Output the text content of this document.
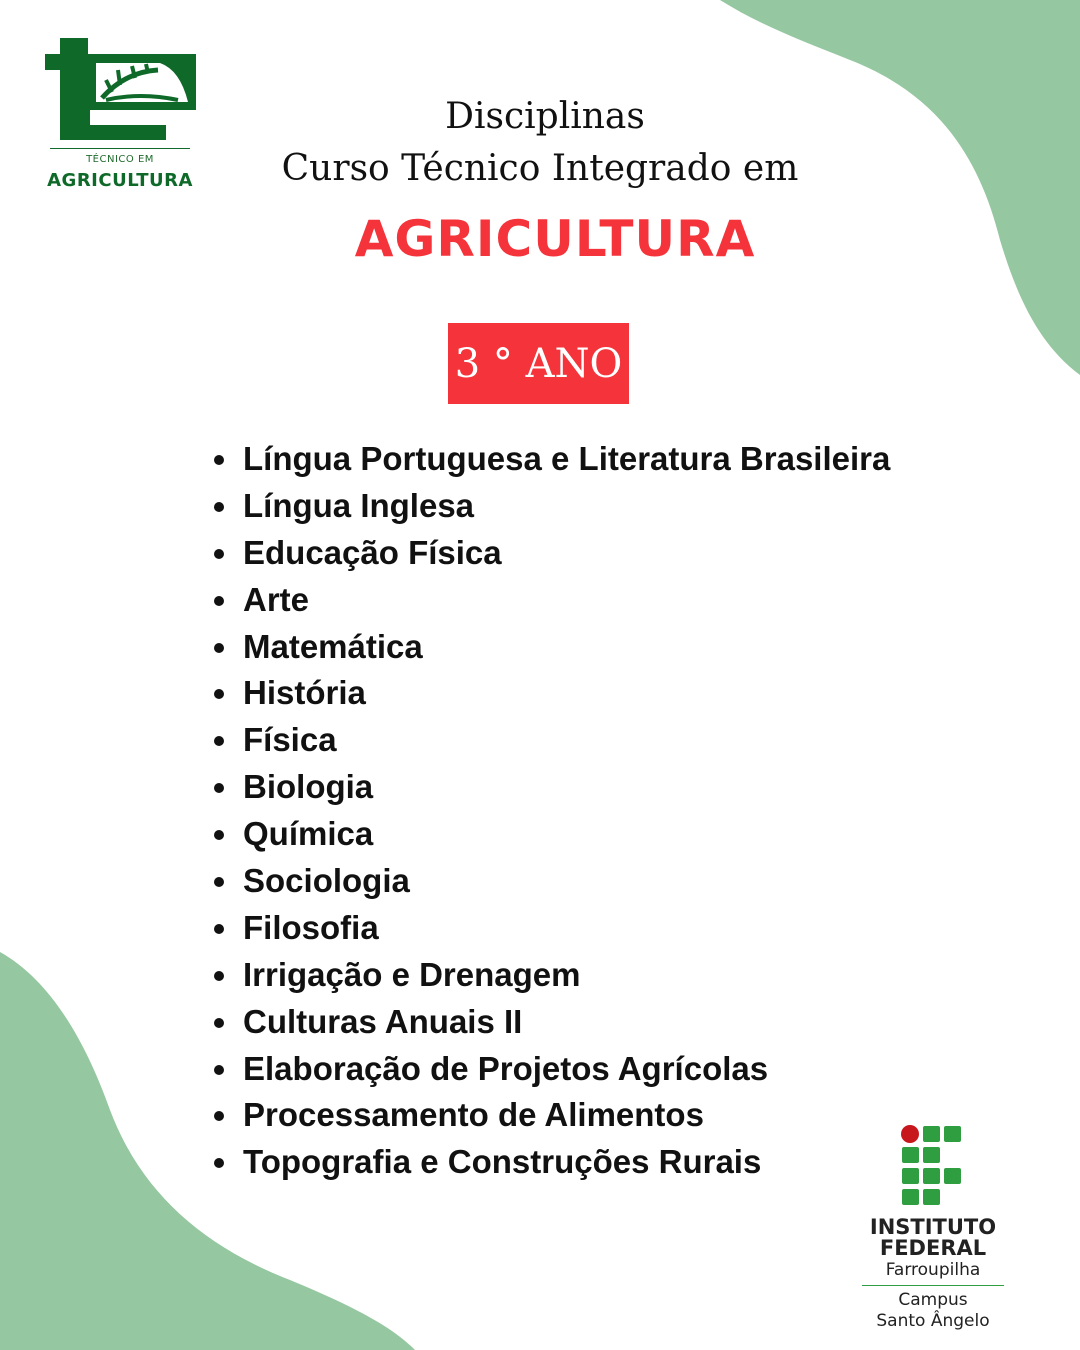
TÉCNICO EM
AGRICULTURA
Disciplinas
Curso Técnico Integrado em
AGRICULTURA
3 ° ANO
Língua Portuguesa e Literatura Brasileira
Língua Inglesa
Educação Física
Arte
Matemática
História
Física
Biologia
Química
Sociologia
Filosofia
Irrigação e Drenagem
Culturas Anuais II
Elaboração de Projetos Agrícolas
Processamento de Alimentos
Topografia e Construções Rurais
INSTITUTO
FEDERAL
Farroupilha
Campus
Santo Ângelo
